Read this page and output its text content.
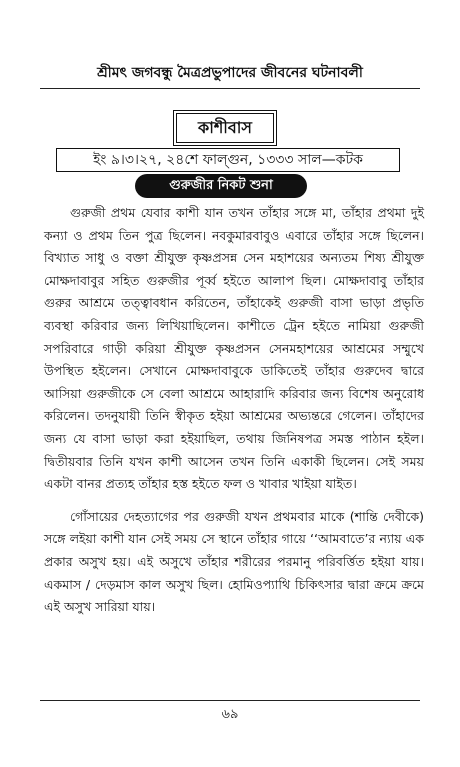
শ্রীমৎ জগবন্ধু মৈত্রপ্রভুপাদের জীবনের ঘটনাবলী
কাশীবাস
ইং ৯।৩।২৭, ২৪শে ফাল্গুন, ১৩৩৩ সাল—কটক
গুরুজীর নিকট শুনা

গুরুজী প্রথম যেবার কাশী যান তখন তাঁহার সঙ্গে মা, তাঁহার প্রথমা দুই কন্যা ও প্রথম তিন পুত্র ছিলেন। নবকুমারবাবুও এবারে তাঁহার সঙ্গে ছিলেন। বিখ্যাত সাধু ও বক্তা শ্রীযুক্ত কৃষ্ণপ্রসন্ন সেন মহাশয়ের অন্যতম শিষ্য শ্রীযুক্ত মোক্ষদাবাবুর সহিত গুরুজীর পূর্ব্ব হইতে আলাপ ছিল। মোক্ষদাবাবু তাঁহার গুরুর আশ্রমে তত্ত্বাবধান করিতেন, তাঁহাকেই গুরুজী বাসা ভাড়া প্রভৃতি ব্যবস্থা করিবার জন্য লিখিয়াছিলেন। কাশীতে ট্রেন হইতে নামিয়া গুরুজী সপরিবারে গাড়ী করিয়া শ্রীযুক্ত কৃষ্ণপ্রসন সেনমহাশয়ের আশ্রমের সম্মুখে উপস্থিত হইলেন। সেখানে মোক্ষদাবাবুকে ডাকিতেই তাঁহার গুরুদেব দ্বারে আসিয়া গুরুজীকে সে বেলা আশ্রমে আহারাদি করিবার জন্য বিশেষ অনুরোধ করিলেন। তদনুযায়ী তিনি স্বীকৃত হইয়া আশ্রমের অভ্যন্তরে গেলেন। তাঁহাদের জন্য যে বাসা ভাড়া করা হইয়াছিল, তথায় জিনিষপত্র সমস্ত পাঠান হইল। দ্বিতীয়বার তিনি যখন কাশী আসেন তখন তিনি একাকী ছিলেন। সেই সময় একটা বানর প্রত্যহ তাঁহার হস্ত হইতে ফল ও খাবার খাইয়া যাইত।

গোঁসায়ের দেহত্যাগের পর গুরুজী যখন প্রথমবার মাকে (শান্তি দেবীকে) সঙ্গে লইয়া কাশী যান সেই সময় সে স্থানে তাঁহার গায়ে ‘‘আমবাতে’র ন্যায় এক প্রকার অসুখ হয়। এই অসুখে তাঁহার শরীরের পরমানু পরিবর্ত্তিত হইয়া যায়। একমাস / দেড়মাস কাল অসুখ ছিল। হোমিওপ্যাথি চিকিৎসার দ্বারা ক্রমে ক্রমে এই অসুখ সারিয়া যায়।

৬৯
